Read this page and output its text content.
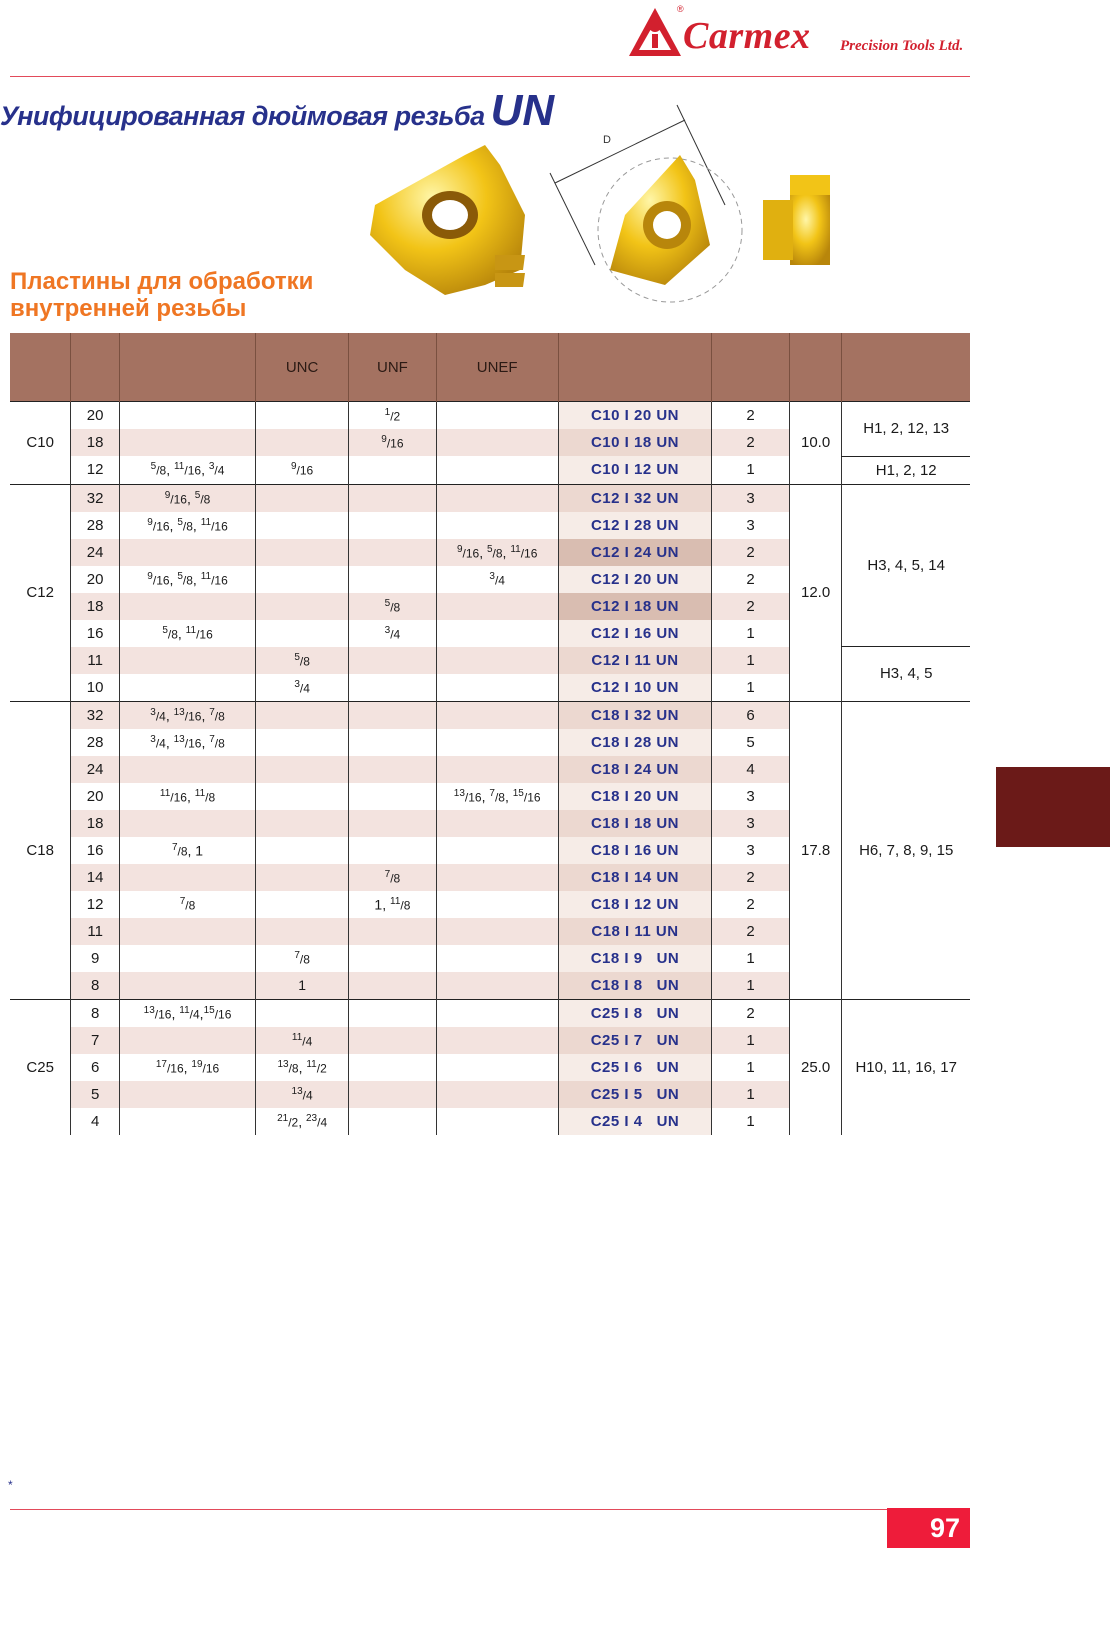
®
Carmex Precision Tools Ltd.
Унифицированная дюймовая резьба UN
D
Пластины для обработки
внутренней резьбы
			UNC	UNF	UNEF				
C10	20			$^1$/2		C10 I 20 UN	2	10.0	H1, 2, 12, 13
	18			$^9$/16		C10 I 18 UN	2		
	12	$^5$/8, $^{11}$/16, $^3$/4	$^9$/16			C10 I 12 UN	1		H1, 2, 12
C12	32	$^9$/16, $^5$/8				C12 I 32 UN	3	12.0	H3, 4, 5, 14
	28	$^9$/16, $^5$/8, $^{11}$/16				C12 I 28 UN	3		
	24				$^9$/16, $^5$/8, $^{11}$/16	C12 I 24 UN	2		
	20	$^9$/16, $^5$/8, $^{11}$/16			$^3$/4	C12 I 20 UN	2		
	18			$^5$/8		C12 I 18 UN	2		
	16	$^5$/8, $^{11}$/16		$^3$/4		C12 I 16 UN	1		
	11		$^5$/8			C12 I 11 UN	1		H3, 4, 5
	10		$^3$/4			C12 I 10 UN	1		
C18	32	$^3$/4, $^{13}$/16, $^7$/8				C18 I 32 UN	6	17.8	H6, 7, 8, 9, 15
	28	$^3$/4, $^{13}$/16, $^7$/8				C18 I 28 UN	5		
	24					C18 I 24 UN	4		
	20	$^{11}$/16, $^{11}$/8			$^{13}$/16, $^7$/8, $^{15}$/16	C18 I 20 UN	3		
	18					C18 I 18 UN	3		
	16	$^7$/8, 1				C18 I 16 UN	3		
	14			$^7$/8		C18 I 14 UN	2		
	12	$^7$/8		1, $^{11}$/8		C18 I 12 UN	2		
	11					C18 I 11 UN	2		
	9		$^7$/8			C18 I 9   UN	1		
	8		1			C18 I 8   UN	1		
C25	8	$^{13}$/16, $^{11}$/4,15/16				C25 I 8   UN	2	25.0	H10, 11, 16, 17
	7		$^{11}$/4			C25 I 7   UN	1		
	6	$^{17}$/16, $^{19}$/16	$^{13}$/8, $^{11}$/2			C25 I 6   UN	1		
	5		$^{13}$/4			C25 I 5   UN	1		
	4		$^{21}$/2, $^{23}$/4			C25 I 4   UN	1		
*
97
